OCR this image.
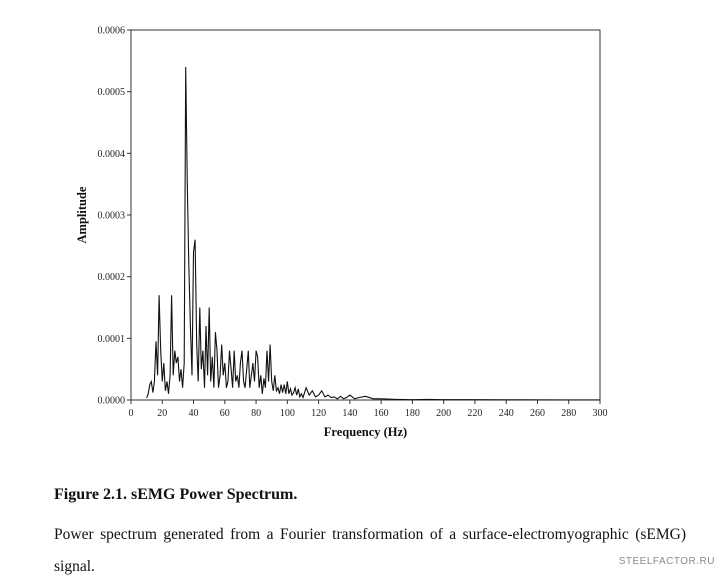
0.0000
0.0001
0.0002
0.0003
0.0004
0.0005
0.0006
0 20 40 60 80 100 120 140 160 180 200 220 240 260 280 300
Frequency (Hz)
Amplitude
Figure 2.1. sEMG Power Spectrum.

Power spectrum generated from a Fourier transformation of a surface-electromyographic (sEMG) signal.	STEELFACTOR.RU
